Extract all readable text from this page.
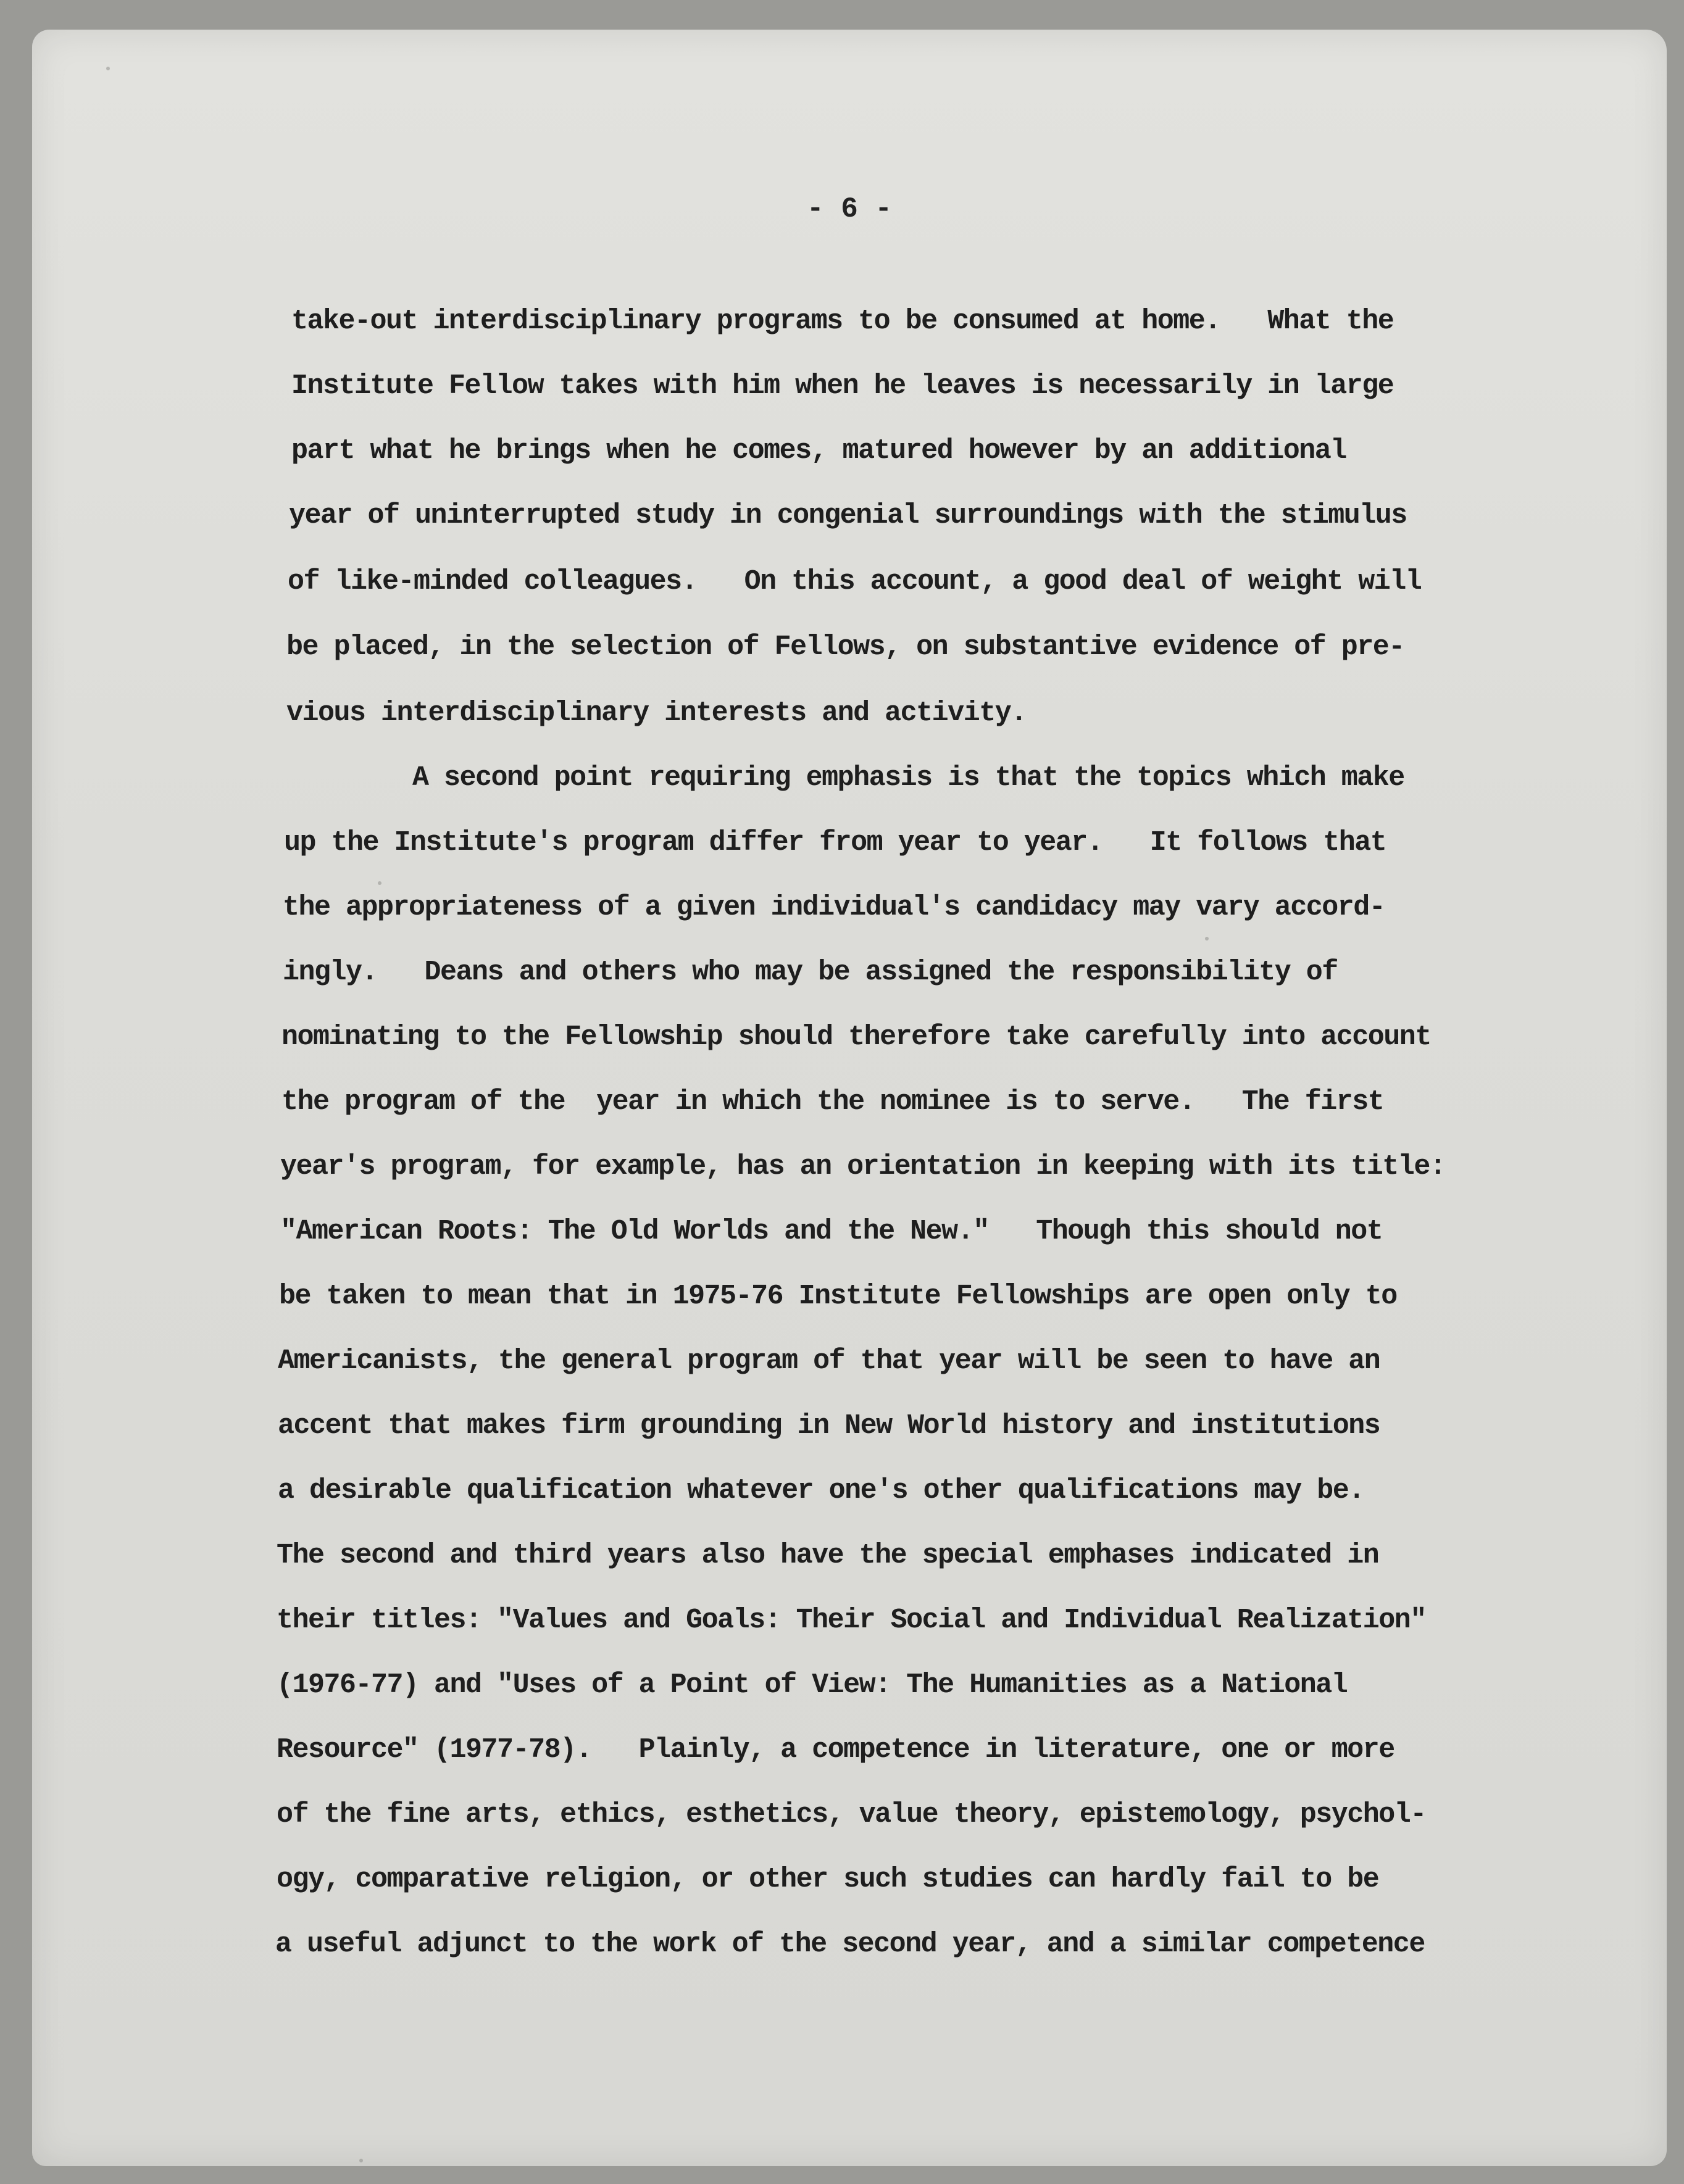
- 6 -
take-out interdisciplinary programs to be consumed at home.   What the
Institute Fellow takes with him when he leaves is necessarily in large
part what he brings when he comes, matured however by an additional
year of uninterrupted study in congenial surroundings with the stimulus
of like-minded colleagues.   On this account, a good deal of weight will
be placed, in the selection of Fellows, on substantive evidence of pre-
vious interdisciplinary interests and activity.
A second point requiring emphasis is that the topics which make
up the Institute's program differ from year to year.   It follows that
the appropriateness of a given individual's candidacy may vary accord-
ingly.   Deans and others who may be assigned the responsibility of
nominating to the Fellowship should therefore take carefully into account
the program of the  year in which the nominee is to serve.   The first
year's program, for example, has an orientation in keeping with its title:
"American Roots: The Old Worlds and the New."   Though this should not
be taken to mean that in 1975-76 Institute Fellowships are open only to
Americanists, the general program of that year will be seen to have an
accent that makes firm grounding in New World history and institutions
a desirable qualification whatever one's other qualifications may be.
The second and third years also have the special emphases indicated in
their titles: "Values and Goals: Their Social and Individual Realization"
(1976-77) and "Uses of a Point of View: The Humanities as a National
Resource" (1977-78).   Plainly, a competence in literature, one or more
of the fine arts, ethics, esthetics, value theory, epistemology, psychol-
ogy, comparative religion, or other such studies can hardly fail to be
a useful adjunct to the work of the second year, and a similar competence
